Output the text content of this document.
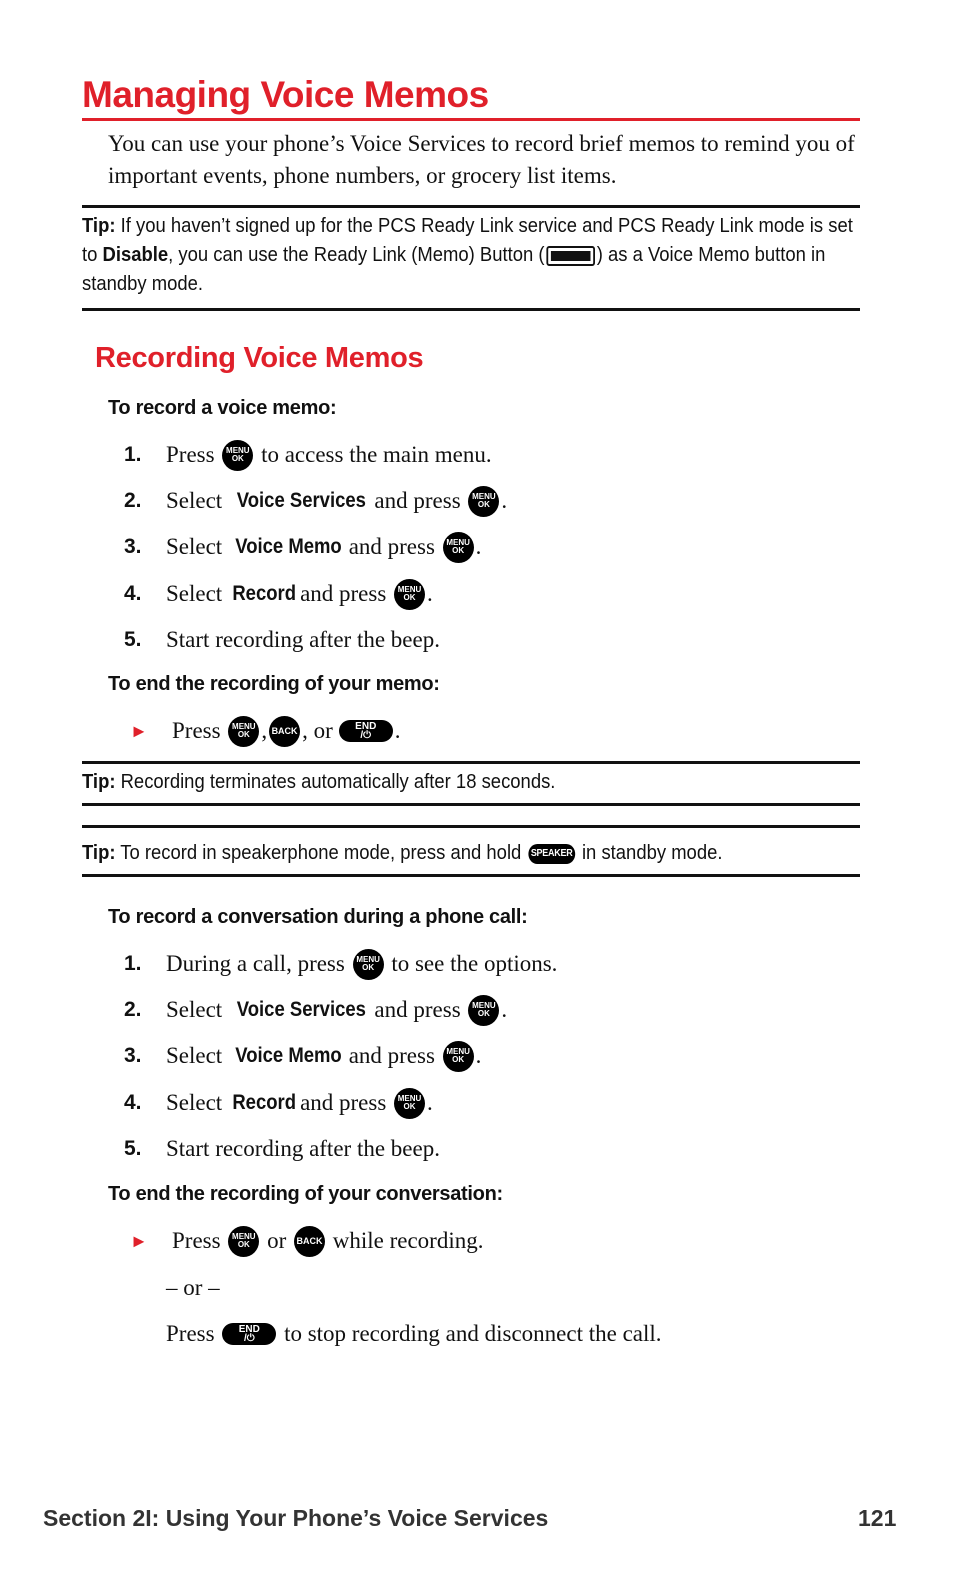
Managing Voice Memos
You can use your phone’s Voice Services to record brief memos to remind you of important events, phone numbers, or grocery list items.
Tip: If you haven’t signed up for the PCS Ready Link service and PCS Ready Link mode is set to Disable, you can use the Ready Link (Memo) Button (	) as a Voice Memo button in standby mode.
Recording Voice Memos
To record a voice memo:
1.	Press MENU
OK to access the main menu.
2.	Select Voice Services and press MENU
OK .
3.	Select Voice Memo and press MENU
OK .
4.	Select Record
and press MENU
OK .
5.	Start recording after the beep.
To end the recording of your memo:
►	Press MENU
OK , BACK , or END
/⏻ .
Tip: Recording terminates automatically after 18 seconds.
Tip: To record in speakerphone mode, press and hold SPEAKER in standby mode.
To record a conversation during a phone call:
1.	During a call, press MENU
OK to see the options.
2.	Select Voice Services and press MENU
OK .
3.	Select Voice Memo and press MENU
OK .
4.	Select Record
and press MENU
OK .
5.	Start recording after the beep.
To end the recording of your conversation:
►	Press MENU
OK or BACK while recording.
– or –
Press END
/⏻ to stop recording and disconnect the call.
Section 2I: Using Your Phone’s Voice Services	121
